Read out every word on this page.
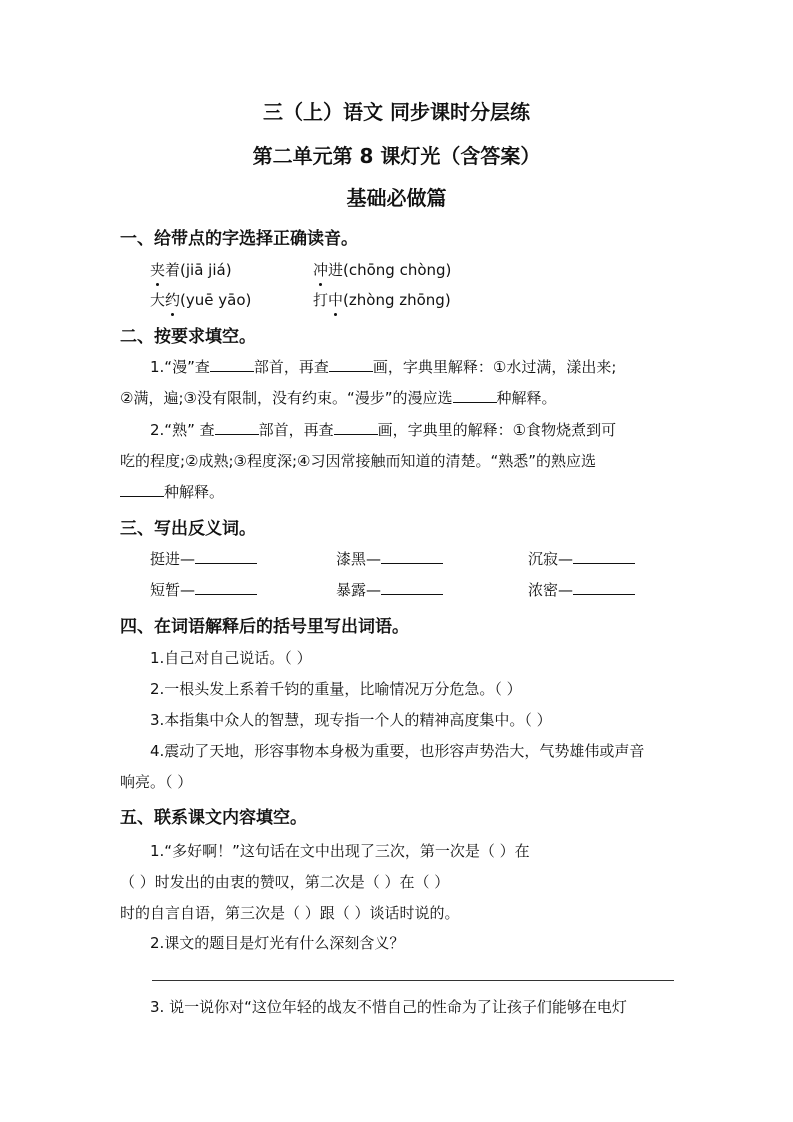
三（上）语文 同步课时分层练
第二单元第 8 课灯光（含答案）
基础必做篇
一、给带点的字选择正确读音。
夹着(jiā jiá)	冲进(chōng chòng)
大约(yuē yāo)	打中(zhòng zhōng)
二、按要求填空。
1.“漫”查	部首，再查	画，字典里解释：①水过满，漾出来;
②满，遍;③没有限制，没有约束。“漫步”的漫应选	种解释。
2.“熟” 查	部首，再查	画，字典里的解释：①食物烧煮到可
吃的程度;②成熟;③程度深;④习因常接触而知道的清楚。“熟悉”的熟应选
种解释。
三、写出反义词。
挺进—	漆黑—	沉寂—
短暂—	暴露—	浓密—
四、在词语解释后的括号里写出词语。
1.自己对自己说话。（ ）
2.一根头发上系着千钧的重量，比喻情况万分危急。（ ）
3.本指集中众人的智慧，现专指一个人的精神高度集中。（ ）
4.震动了天地，形容事物本身极为重要，也形容声势浩大，气势雄伟或声音
响亮。（ ）
五、联系课文内容填空。
1.“多好啊！”这句话在文中出现了三次，第一次是（ ）在
（ ）时发出的由衷的赞叹，第二次是（ ）在（ ）
时的自言自语，第三次是（ ）跟（ ）谈话时说的。
2.课文的题目是灯光有什么深刻含义？
3. 说一说你对“这位年轻的战友不惜自己的性命为了让孩子们能够在电灯
